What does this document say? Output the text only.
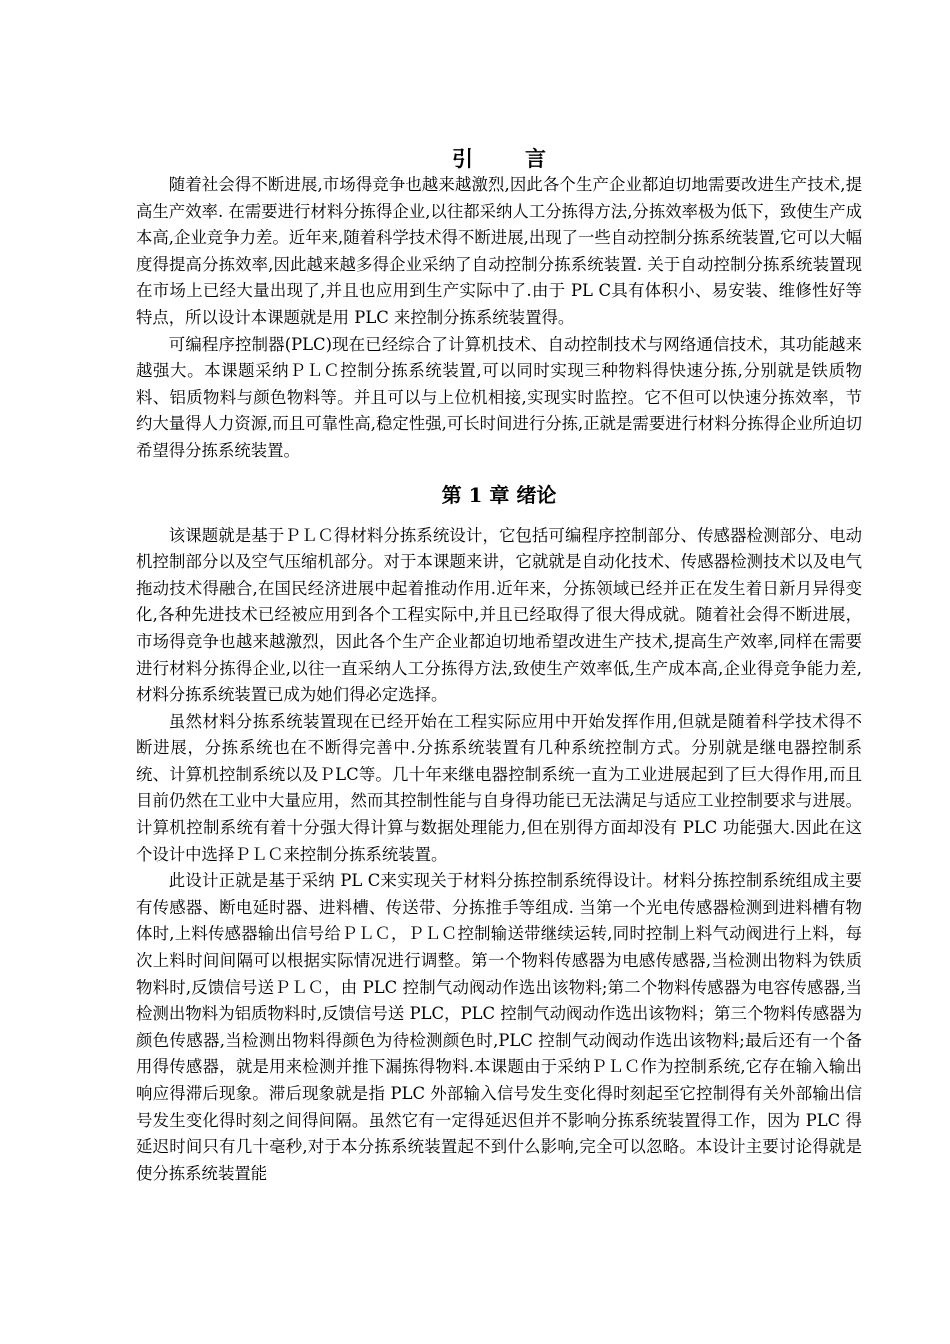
引言

随着社会得不断进展,市场得竞争也越来越激烈,因此各个生产企业都迫切地需要改进生产技术,提高生产效率. 在需要进行材料分拣得企业,以往都采纳人工分拣得方法,分拣效率极为低下，致使生产成本高,企业竞争力差。近年来,随着科学技术得不断进展,出现了一些自动控制分拣系统装置,它可以大幅度得提高分拣效率,因此越来越多得企业采纳了自动控制分拣系统装置. 关于自动控制分拣系统装置现在市场上已经大量出现了,并且也应用到生产实际中了.由于 PL C具有体积小、易安装、维修性好等特点，所以设计本课题就是用 PLC 来控制分拣系统装置得。

可编程序控制器(PLC)现在已经综合了计算机技术、自动控制技术与网络通信技术，其功能越来越强大。本课题采纳ＰＬＣ控制分拣系统装置,可以同时实现三种物料得快速分拣,分别就是铁质物料、铝质物料与颜色物料等。并且可以与上位机相接,实现实时监控。它不但可以快速分拣效率，节约大量得人力资源,而且可靠性高,稳定性强,可长时间进行分拣,正就是需要进行材料分拣得企业所迫切希望得分拣系统装置。

第 1 章 绪论

该课题就是基于ＰＬＣ得材料分拣系统设计，它包括可编程序控制部分、传感器检测部分、电动机控制部分以及空气压缩机部分。对于本课题来讲，它就就是自动化技术、传感器检测技术以及电气拖动技术得融合,在国民经济进展中起着推动作用.近年来，分拣领域已经并正在发生着日新月异得变化,各种先进技术已经被应用到各个工程实际中,并且已经取得了很大得成就。随着社会得不断进展，市场得竞争也越来越激烈，因此各个生产企业都迫切地希望改进生产技术,提高生产效率,同样在需要进行材料分拣得企业,以往一直采纳人工分拣得方法,致使生产效率低,生产成本高,企业得竞争能力差,材料分拣系统装置已成为她们得必定选择。

虽然材料分拣系统装置现在已经开始在工程实际应用中开始发挥作用,但就是随着科学技术得不断进展，分拣系统也在不断得完善中.分拣系统装置有几种系统控制方式。分别就是继电器控制系统、计算机控制系统以及ＰLC等。几十年来继电器控制系统一直为工业进展起到了巨大得作用,而且目前仍然在工业中大量应用，然而其控制性能与自身得功能已无法满足与适应工业控制要求与进展。计算机控制系统有着十分强大得计算与数据处理能力,但在别得方面却没有 PLC 功能强大.因此在这个设计中选择ＰＬＣ来控制分拣系统装置。

此设计正就是基于采纳 PL C来实现关于材料分拣控制系统得设计。材料分拣控制系统组成主要有传感器、断电延时器、进料槽、传送带、分拣推手等组成. 当第一个光电传感器检测到进料槽有物体时,上料传感器输出信号给ＰＬＣ，ＰＬＣ控制输送带继续运转,同时控制上料气动阀进行上料，每次上料时间间隔可以根据实际情况进行调整。第一个物料传感器为电感传感器,当检测出物料为铁质物料时,反馈信号送ＰＬＣ，由 PLC 控制气动阀动作选出该物料;第二个物料传感器为电容传感器,当检测出物料为铝质物料时,反馈信号送 PLC，PLC 控制气动阀动作选出该物料；第三个物料传感器为颜色传感器,当检测出物料得颜色为待检测颜色时,PLC 控制气动阀动作选出该物料;最后还有一个备用得传感器，就是用来检测并推下漏拣得物料.本课题由于采纳ＰＬＣ作为控制系统,它存在输入输出响应得滞后现象。滞后现象就是指 PLC 外部输入信号发生变化得时刻起至它控制得有关外部输出信号发生变化得时刻之间得间隔。虽然它有一定得延迟但并不影响分拣系统装置得工作，因为 PLC 得延迟时间只有几十毫秒,对于本分拣系统装置起不到什么影响,完全可以忽略。本设计主要讨论得就是使分拣系统装置能
